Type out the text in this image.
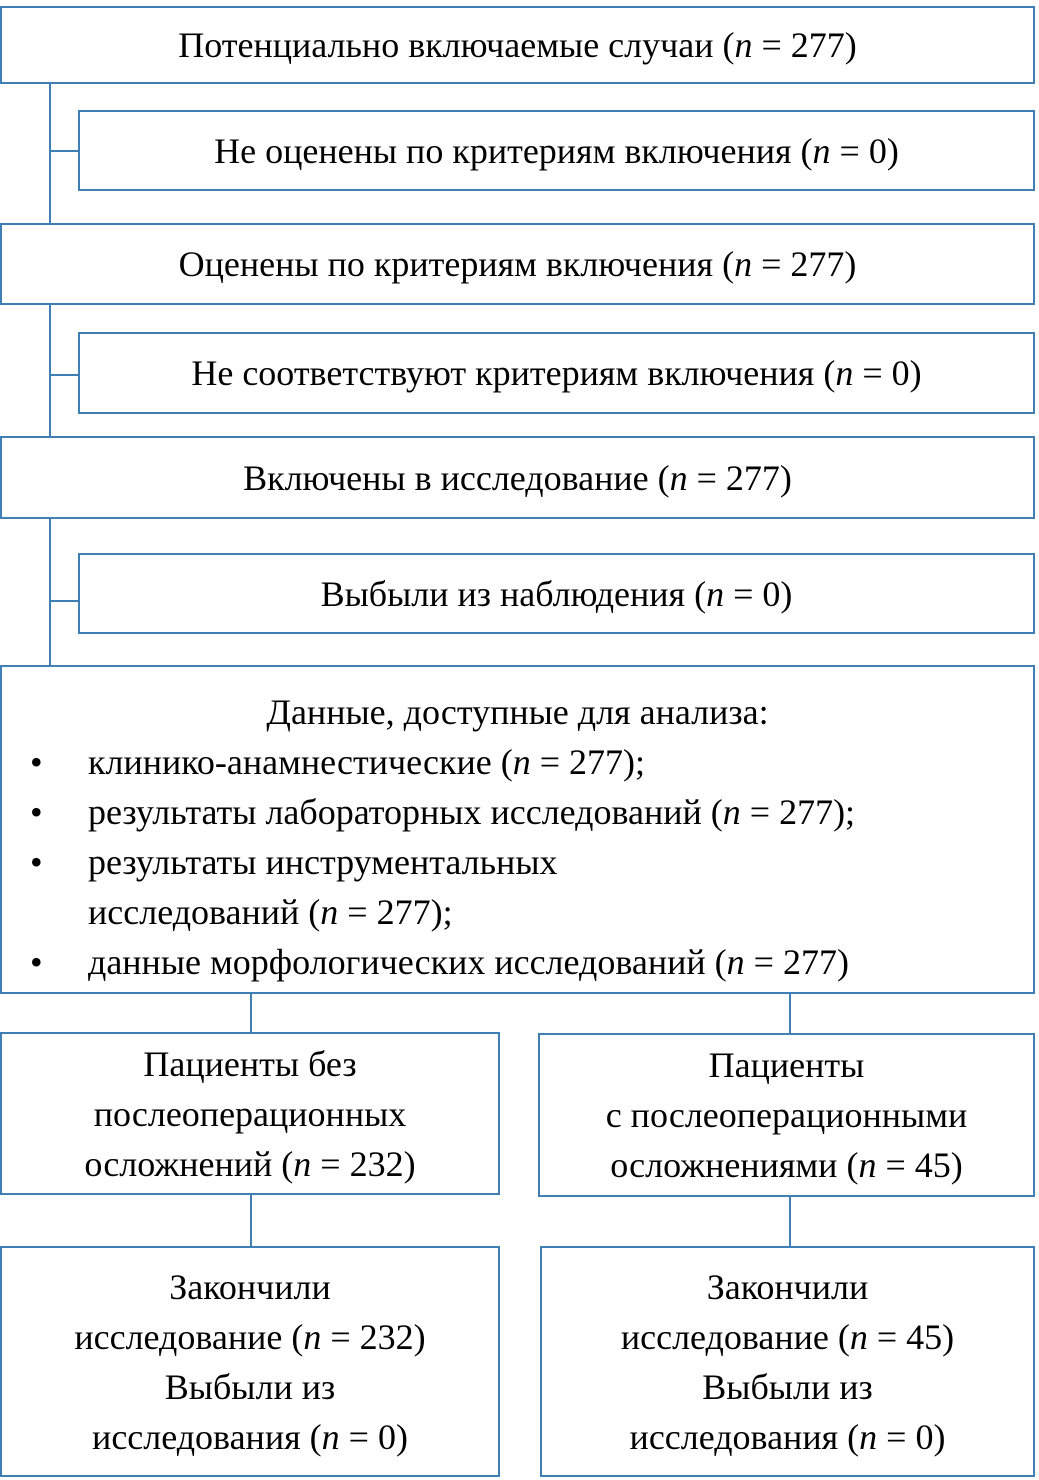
Потенциально включаемые случаи (n = 277)
Не оценены по критериям включения (n = 0)
Оценены по критериям включения (n = 277)
Не соответствуют критериям включения (n = 0)
Включены в исследование (n = 277)
Выбыли из наблюдения (n = 0)
Данные, доступные для анализа:
• клинико-анамнестические (n = 277);
• результаты лабораторных исследований (n = 277);
• результаты инструментальных
исследований (n = 277);
• данные морфологических исследований (n = 277)
Пациенты без
послеоперационных
осложнений (n = 232)
Пациенты
с послеоперационными
осложнениями (n = 45)
Закончили
исследование (n = 232)
Выбыли из
исследования (n = 0)
Закончили
исследование (n = 45)
Выбыли из
исследования (n = 0)
